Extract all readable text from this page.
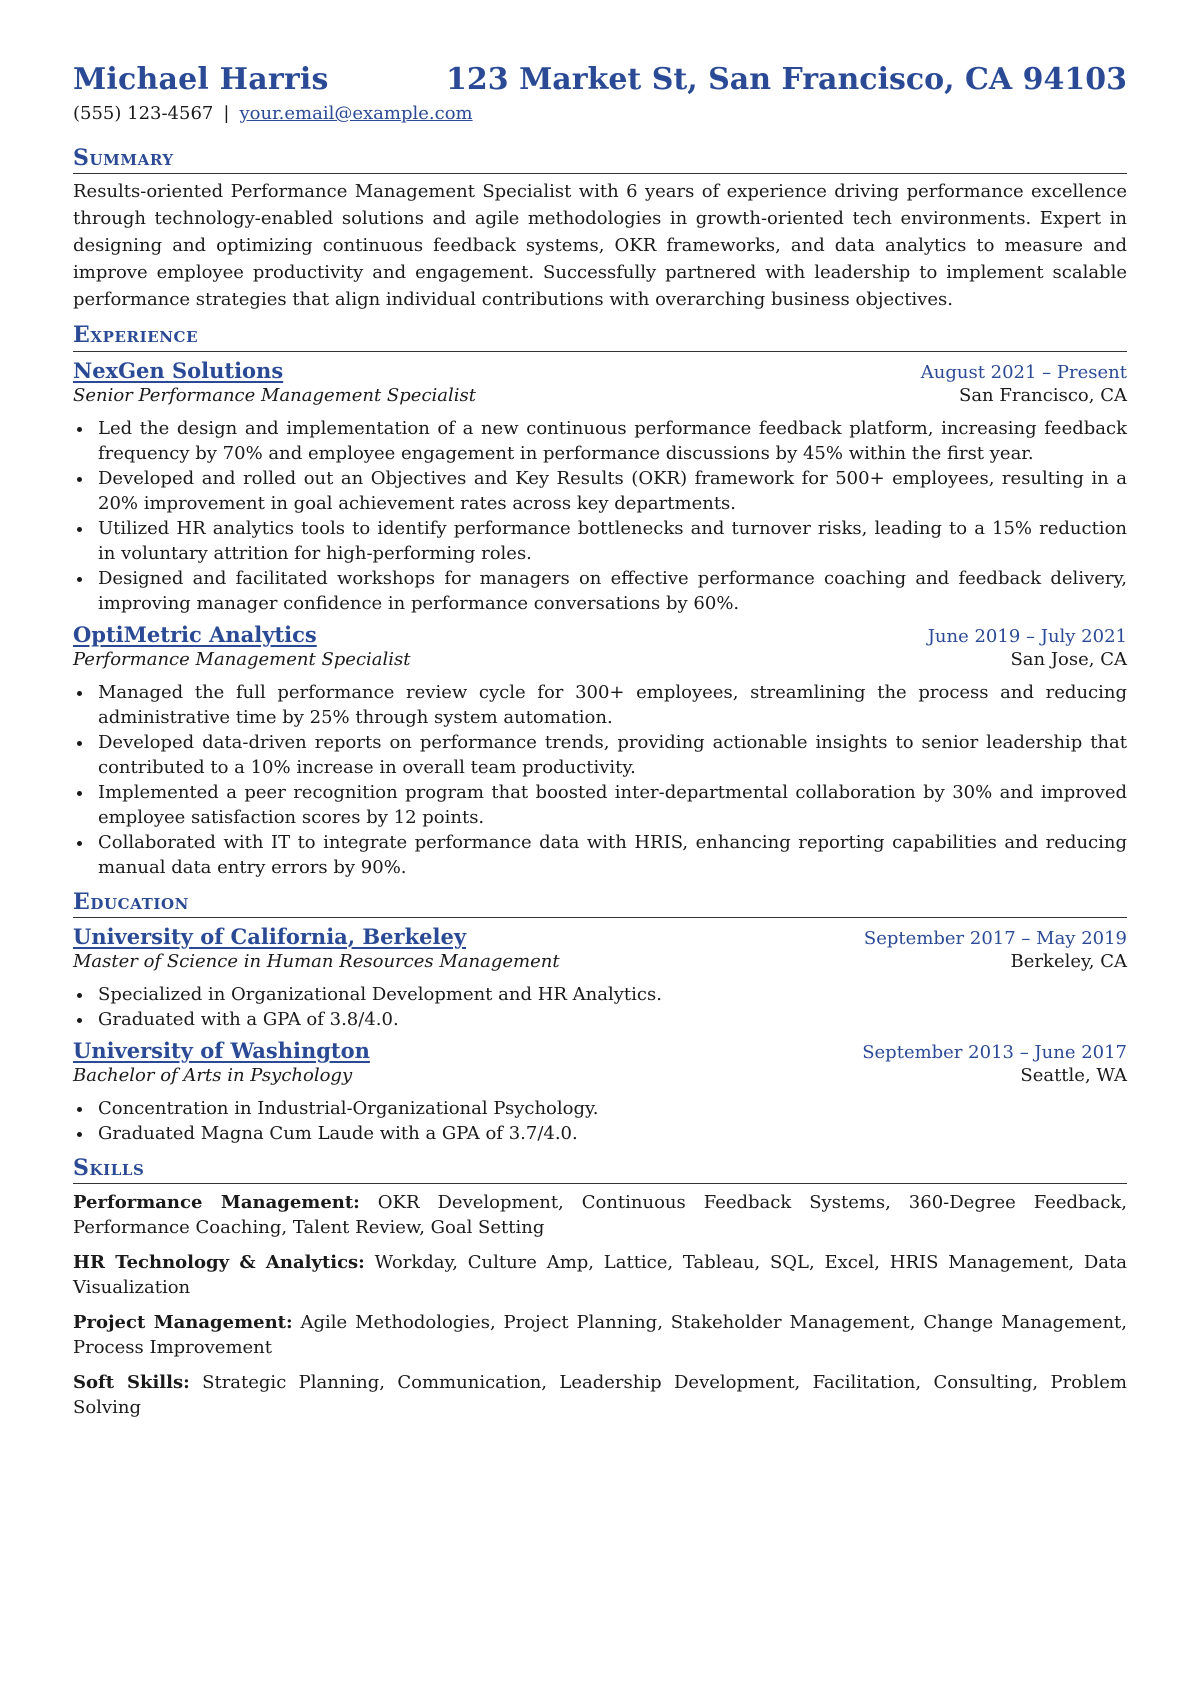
Michael Harris	123 Market St, San Francisco, CA 94103
(555) 123-4567 | your.email@example.com
Summary
Results-oriented Performance Management Specialist with 6 years of experience driving performance excellence through technology-enabled solutions and agile methodologies in growth-oriented tech environments. Expert in designing and optimizing continuous feedback systems, OKR frameworks, and data analytics to measure and improve employee productivity and engagement. Successfully partnered with leadership to implement scalable performance strategies that align individual contributions with overarching business objectives.
Experience
NexGen Solutions	August 2021 – Present
Senior Performance Management Specialist	San Francisco, CA
Led the design and implementation of a new continuous performance feedback platform, increasing feedback frequency by 70% and employee engagement in performance discussions by 45% within the first year.
Developed and rolled out an Objectives and Key Results (OKR) framework for 500+ employees, resulting in a 20% improvement in goal achievement rates across key departments.
Utilized HR analytics tools to identify performance bottlenecks and turnover risks, leading to a 15% reduction in voluntary attrition for high-performing roles.
Designed and facilitated workshops for managers on effective performance coaching and feedback delivery, improving manager confidence in performance conversations by 60%.
OptiMetric Analytics	June 2019 – July 2021
Performance Management Specialist	San Jose, CA
Managed the full performance review cycle for 300+ employees, streamlining the process and reducing administrative time by 25% through system automation.
Developed data-driven reports on performance trends, providing actionable insights to senior leadership that contributed to a 10% increase in overall team productivity.
Implemented a peer recognition program that boosted inter-departmental collaboration by 30% and improved employee satisfaction scores by 12 points.
Collaborated with IT to integrate performance data with HRIS, enhancing reporting capabilities and reducing manual data entry errors by 90%.
Education
University of California, Berkeley	September 2017 – May 2019
Master of Science in Human Resources Management	Berkeley, CA
Specialized in Organizational Development and HR Analytics.
Graduated with a GPA of 3.8/4.0.
University of Washington	September 2013 – June 2017
Bachelor of Arts in Psychology	Seattle, WA
Concentration in Industrial-Organizational Psychology.
Graduated Magna Cum Laude with a GPA of 3.7/4.0.
Skills
Performance Management: OKR Development, Continuous Feedback Systems, 360-Degree Feedback, Performance Coaching, Talent Review, Goal Setting
HR Technology & Analytics: Workday, Culture Amp, Lattice, Tableau, SQL, Excel, HRIS Management, Data Visualization
Project Management: Agile Methodologies, Project Planning, Stakeholder Management, Change Management, Process Improvement
Soft Skills: Strategic Planning, Communication, Leadership Development, Facilitation, Consulting, Problem Solving
